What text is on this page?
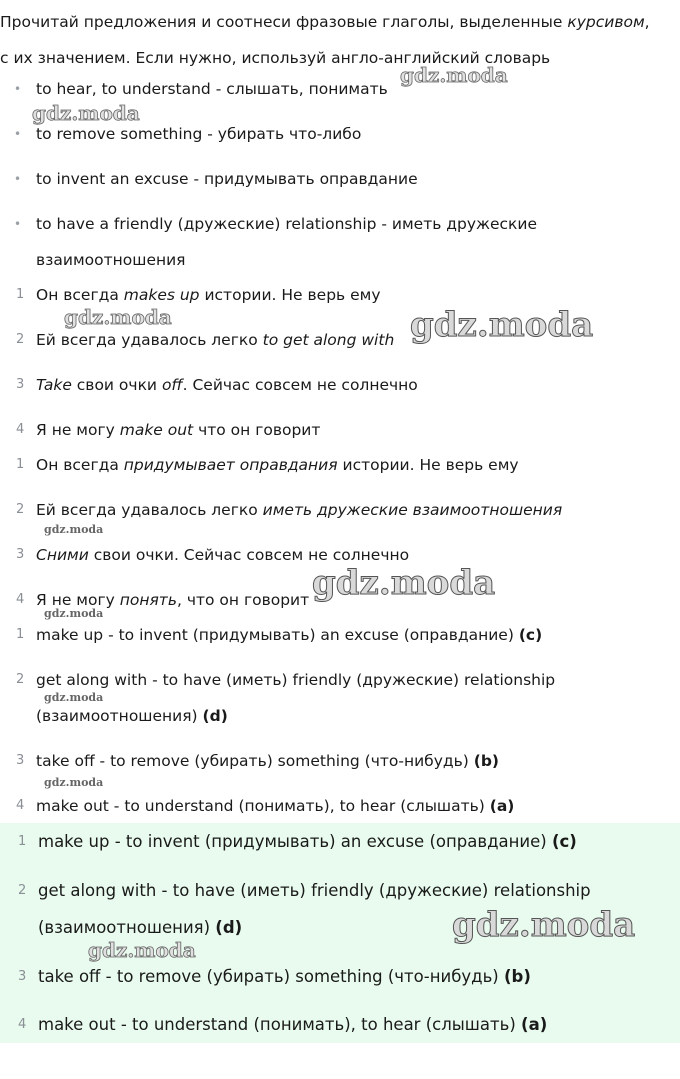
Прочитай предложения и соотнеси фразовые глаголы, выделенные курсивом,
с их значением. Если нужно, используй англо-английский словарь
• to hear, to understand - слышать, понимать
• to remove something - убирать что-либо
• to invent an excuse - придумывать оправдание
• to have a friendly (дружеские) relationship - иметь дружеские
взаимоотношения
1 Он всегда makes up истории. Не верь ему
2 Ей всегда удавалось легко to get along with
3 Take свои очки off. Сейчас совсем не солнечно
4 Я не могу make out что он говорит
1 Он всегда придумывает оправдания истории. Не верь ему
2 Ей всегда удавалось легко иметь дружеские взаимоотношения
3 Сними свои очки. Сейчас совсем не солнечно
4 Я не могу понять, что он говорит
1 make up - to invent (придумывать) an excuse (оправдание) (c)
2 get along with - to have (иметь) friendly (дружеские) relationship
(взаимоотношения) (d)
3 take off - to remove (убирать) something (что-нибудь) (b)
4 make out - to understand (понимать), to hear (слышать) (a)
1 make up - to invent (придумывать) an excuse (оправдание) (c)
2 get along with - to have (иметь) friendly (дружеские) relationship
(взаимоотношения) (d)
3 take off - to remove (убирать) something (что-нибудь) (b)
4 make out - to understand (понимать), to hear (слышать) (a)
gdz.moda
gdz.moda
gdz.moda	gdz.moda
gdz.moda
gdz.moda
gdz.moda
gdz.moda
gdz.moda
gdz.moda
gdz.moda
